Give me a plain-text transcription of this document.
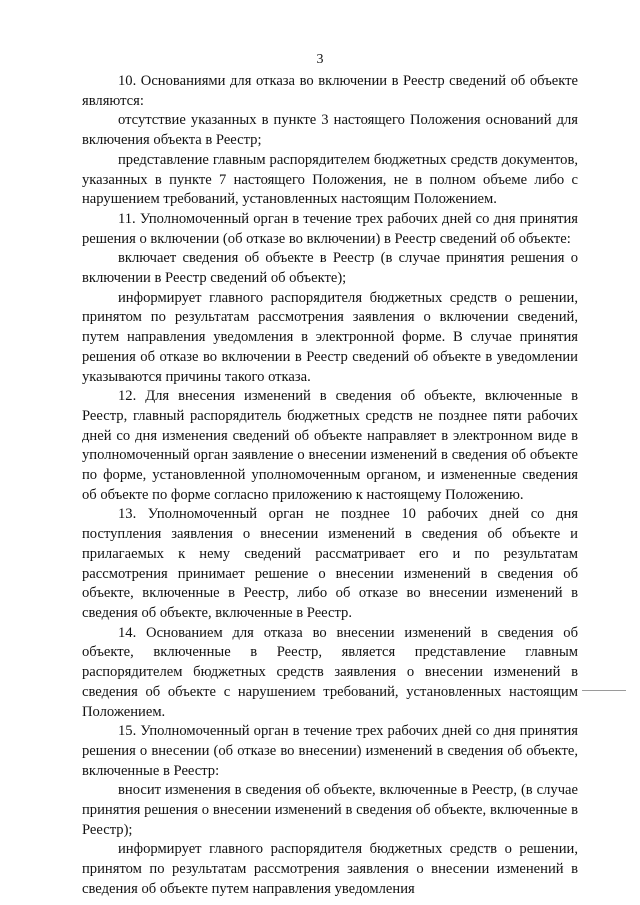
3

10. Основаниями для отказа во включении в Реестр сведений об объекте являются:

отсутствие указанных в пункте 3 настоящего Положения оснований для включения объекта в Реестр;

представление главным распорядителем бюджетных средств документов, указанных в пункте 7 настоящего Положения, не в полном объеме либо с нарушением требований, установленных настоящим Положением.

11. Уполномоченный орган в течение трех рабочих дней со дня принятия решения о включении (об отказе во включении) в Реестр сведений об объекте:

включает сведения об объекте в Реестр (в случае принятия решения о включении в Реестр сведений об объекте);

информирует главного распорядителя бюджетных средств о решении, принятом по результатам рассмотрения заявления о включении сведений, путем направления уведомления в электронной форме. В случае принятия решения об отказе во включении в Реестр сведений об объекте в уведомлении указываются причины такого отказа.

12. Для внесения изменений в сведения об объекте, включенные в Реестр, главный распорядитель бюджетных средств не позднее пяти рабочих дней со дня изменения сведений об объекте направляет в электронном виде в уполномоченный орган заявление о внесении изменений в сведения об объекте по форме, установленной уполномоченным органом, и измененные сведения об объекте по форме согласно приложению к настоящему Положению.

13. Уполномоченный орган не позднее 10 рабочих дней со дня поступления заявления о внесении изменений в сведения об объекте и прилагаемых к нему сведений рассматривает его и по результатам рассмотрения принимает решение о внесении изменений в сведения об объекте, включенные в Реестр, либо об отказе во внесении изменений в сведения об объекте, включенные в Реестр.

14. Основанием для отказа во внесении изменений в сведения об объекте, включенные в Реестр, является представление главным распорядителем бюджетных средств заявления о внесении изменений в сведения об объекте с нарушением требований, установленных настоящим Положением.

15. Уполномоченный орган в течение трех рабочих дней со дня принятия решения о внесении (об отказе во внесении) изменений в сведения об объекте, включенные в Реестр:

вносит изменения в сведения об объекте, включенные в Реестр, (в случае принятия решения о внесении изменений в сведения об объекте, включенные в Реестр);

информирует главного распорядителя бюджетных средств о решении, принятом по результатам рассмотрения заявления о внесении изменений в сведения об объекте путем направления уведомления
